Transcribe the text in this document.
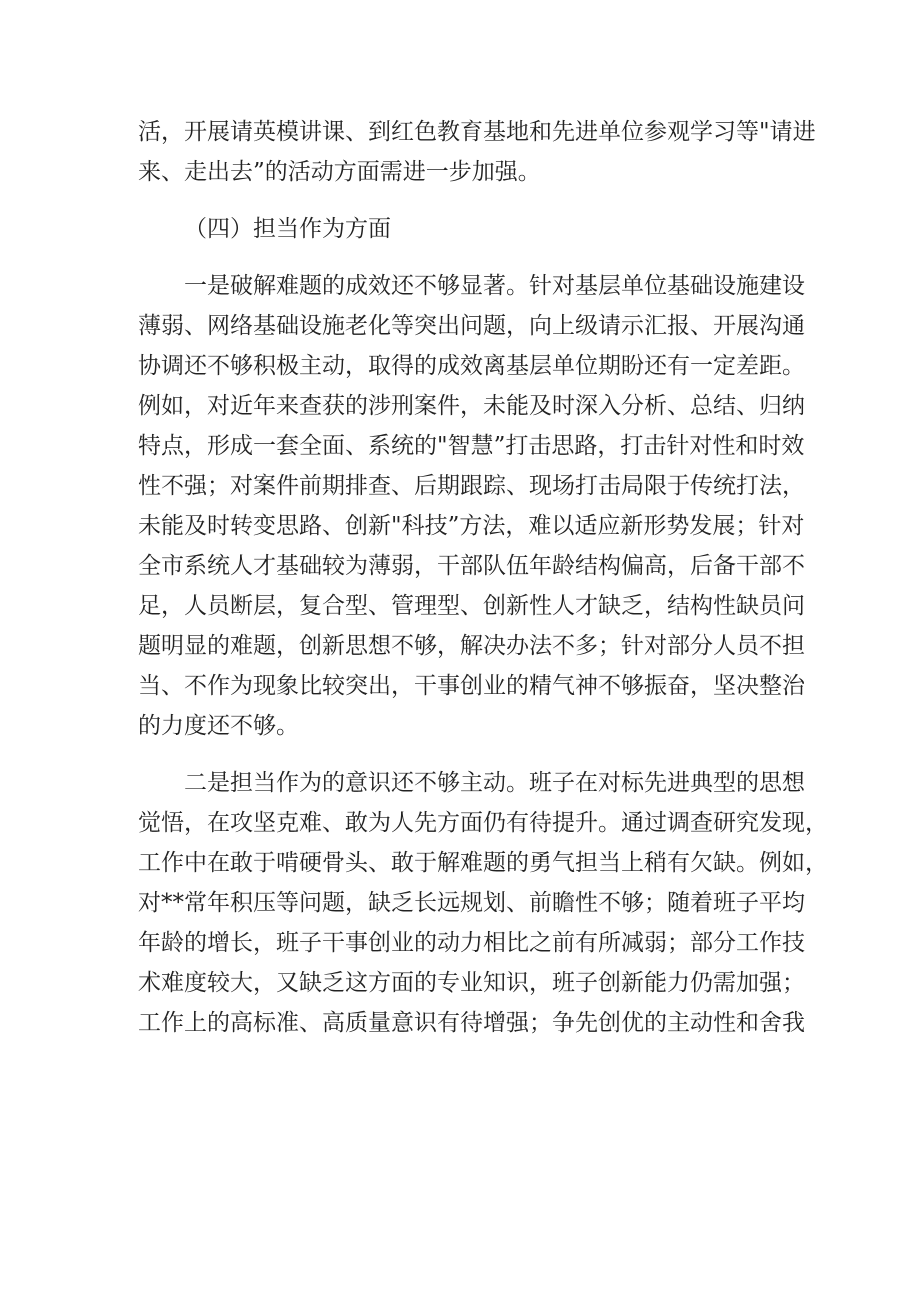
活，开展请英模讲课、到红色教育基地和先进单位参观学习等"请进
来、走出去”的活动方面需进一步加强。
（四）担当作为方面
　　一是破解难题的成效还不够显著。针对基层单位基础设施建设
薄弱、网络基础设施老化等突出问题，向上级请示汇报、开展沟通
协调还不够积极主动，取得的成效离基层单位期盼还有一定差距。
例如，对近年来查获的涉刑案件，未能及时深入分析、总结、归纳
特点，形成一套全面、系统的"智慧”打击思路，打击针对性和时效
性不强；对案件前期排查、后期跟踪、现场打击局限于传统打法，
未能及时转变思路、创新"科技”方法，难以适应新形势发展；针对
全市系统人才基础较为薄弱，干部队伍年龄结构偏高，后备干部不
足，人员断层，复合型、管理型、创新性人才缺乏，结构性缺员问
题明显的难题，创新思想不够，解决办法不多；针对部分人员不担
当、不作为现象比较突出，干事创业的精气神不够振奋，坚决整治
的力度还不够。
　　二是担当作为的意识还不够主动。班子在对标先进典型的思想
觉悟，在攻坚克难、敢为人先方面仍有待提升。通过调查研究发现，
工作中在敢于啃硬骨头、敢于解难题的勇气担当上稍有欠缺。例如，
对**常年积压等问题，缺乏长远规划、前瞻性不够；随着班子平均
年龄的增长，班子干事创业的动力相比之前有所减弱；部分工作技
术难度较大，又缺乏这方面的专业知识，班子创新能力仍需加强；
工作上的高标准、高质量意识有待增强；争先创优的主动性和舍我
